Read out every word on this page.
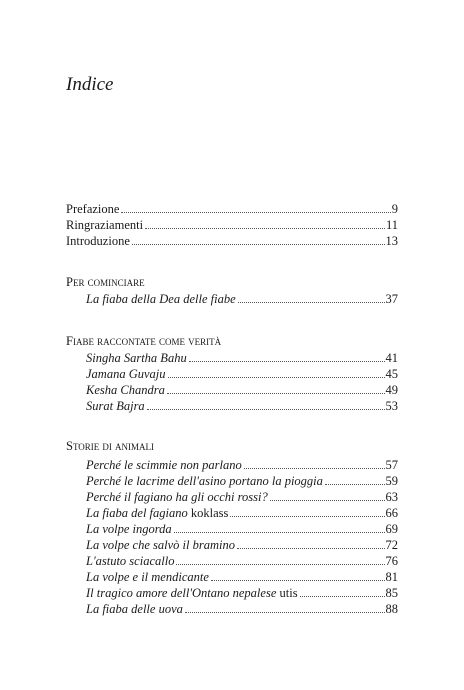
Indice
Prefazione	9
Ringraziamenti	11
Introduzione	13
Per cominciare
La fiaba della Dea delle fiabe	37
Fiabe raccontate come verità
Singha Sartha Bahu	41
Jamana Guvaju	45
Kesha Chandra	49
Surat Bajra	53
Storie di animali
Perché le scimmie non parlano	57
Perché le lacrime dell'asino portano la pioggia	59
Perché il fagiano ha gli occhi rossi?	63
La fiaba del fagiano koklass	66
La volpe ingorda	69
La volpe che salvò il bramino	72
L'astuto sciacallo	76
La volpe e il mendicante	81
Il tragico amore dell'Ontano nepalese utis	85
La fiaba delle uova	88
